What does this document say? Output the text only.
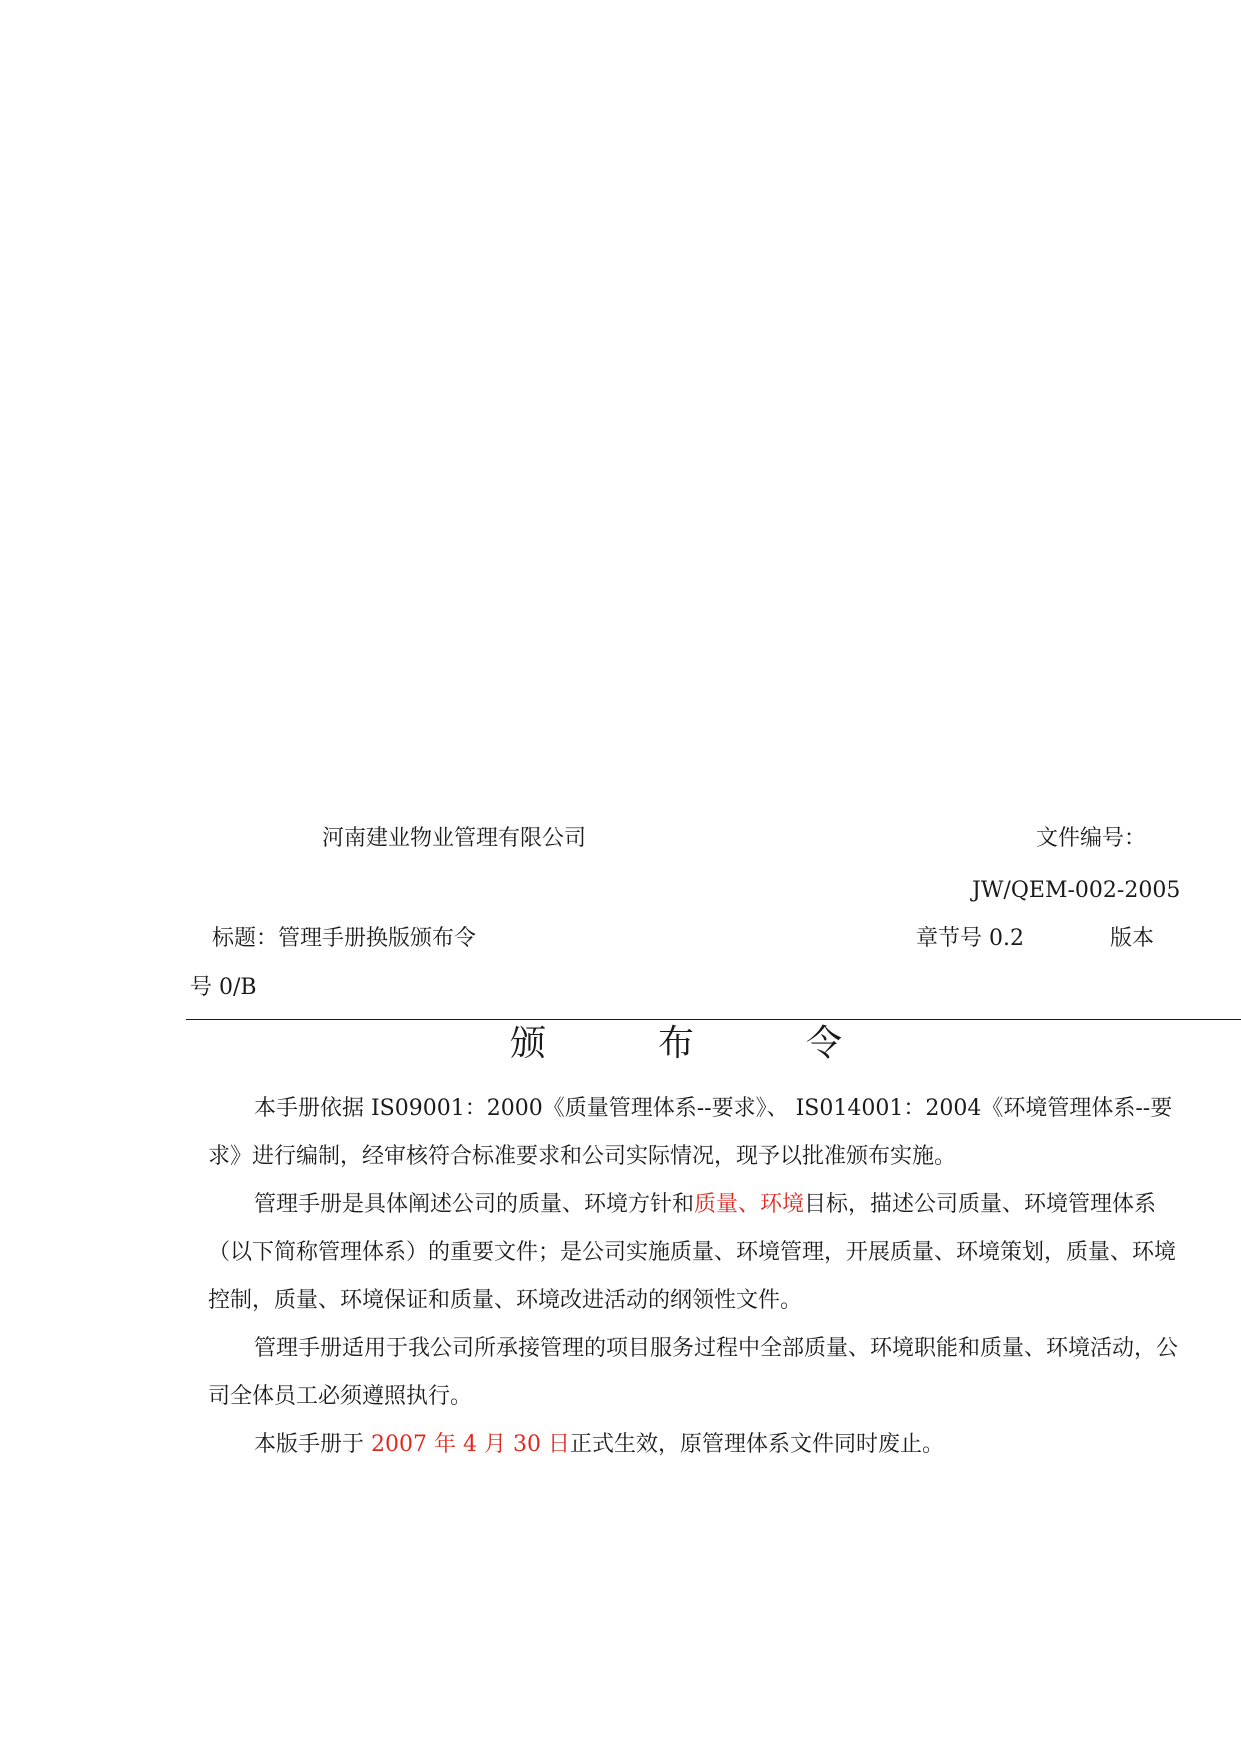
河南建业物业管理有限公司	文件编号：
JW/QEM-002-2005
标题：管理手册换版颁布令	章节号 0.2	版本
号 0/B
颁	布	令
本手册依据 IS09001：2000《质量管理体系--要求》、 IS014001：2004《环境管理体系--要求》进行编制，经审核符合标准要求和公司实际情况，现予以批准颁布实施。
管理手册是具体阐述公司的质量、环境方针和质量、环境目标，描述公司质量、环境管理体系（以下简称管理体系）的重要文件；是公司实施质量、环境管理，开展质量、环境策划，质量、环境控制，质量、环境保证和质量、环境改进活动的纲领性文件。
管理手册适用于我公司所承接管理的项目服务过程中全部质量、环境职能和质量、环境活动，公司全体员工必须遵照执行。
本版手册于 2007 年 4 月 30 日正式生效，原管理体系文件同时废止。
